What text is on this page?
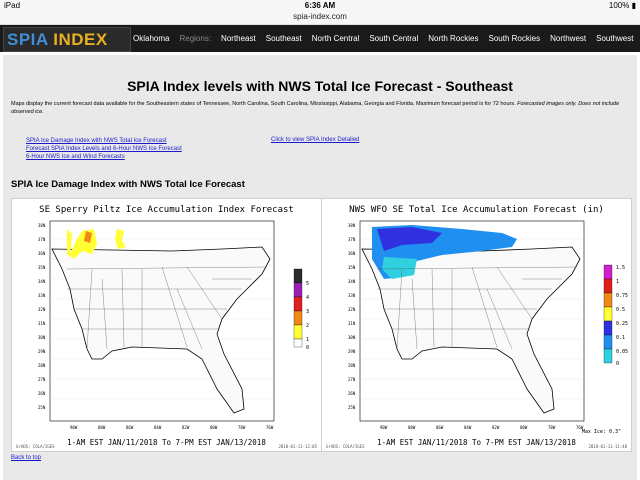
iPad	6:36 AM	100% ▮
spia-index.com
SPIA INDEX	Oklahoma	Regions:	Northeast	Southeast	North Central	South Central	North Rockies	South Rockies	Northwest	Southwest
SPIA Index levels with NWS Total Ice Forecast - Southeast
Maps display the current forecast data available for the Southeastern states of Tennessee, North Carolina, South Carolina, Mississippi, Alabama, Georgia and Florida. Maximum forecast period is for 72 hours. Forecasted images only. Does not include observed ice.
SPIA Ice Damage Index with NWS Total Ice Forecast
Forecast SPIA Index Levels and 6-Hour NWS Ice Forecast
6-Hour NWS Ice and Wind Forecasts
Click to view SPIA Index Detailed
SPIA Ice Damage Index with NWS Total Ice Forecast
5
4
3
2
1
0
38N
37N
36N
35N
34N
33N
32N
31N
30N
29N
28N
27N
26N
25N
90W	88W	86W	84W	82W	80W	78W	76W
SE Sperry Piltz Ice Accumulation Index Forecast
1-AM EST JAN/11/2018 To 7-PM EST JAN/13/2018
GrADS: COLA/IGES	2018-01-11-12:05
1.5
1
0.75
0.5
0.25
0.1
0.05
0
38N
37N
36N
35N
34N
33N
32N
31N
30N
29N
28N
27N
26N
25N
90W	88W	86W	84W	82W	80W	78W	76W
NWS WFO SE Total Ice Accumulation Forecast (in)
Max Ice: 0.3"
1-AM EST JAN/11/2018 To 7-PM EST JAN/13/2018
GrADS: COLA/IGES	2018-01-11-11:48
Back to top
